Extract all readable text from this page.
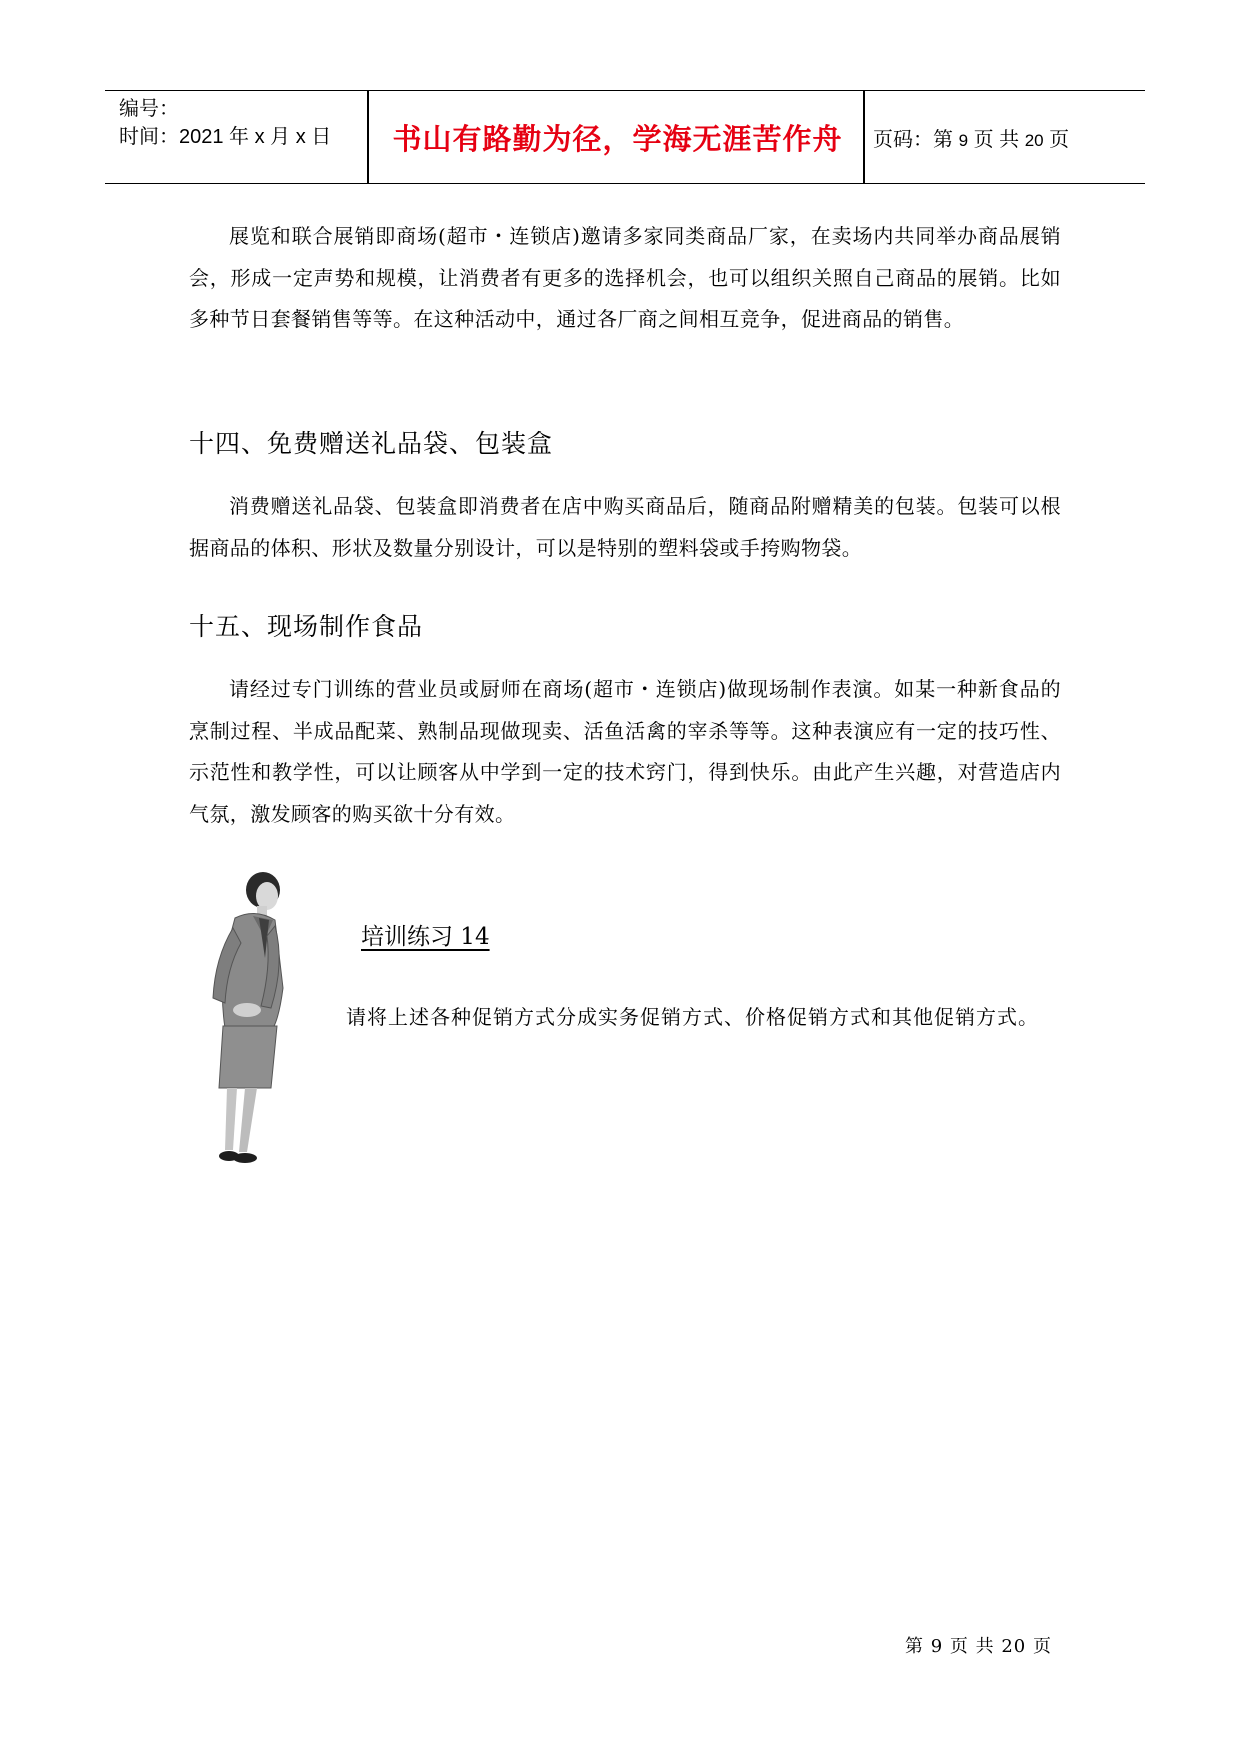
编号：
时间：2021 年 x 月 x 日	书山有路勤为径，学海无涯苦作舟	页码：第 9 页 共 20 页

展览和联合展销即商场(超市・连锁店)邀请多家同类商品厂家，在卖场内共同举办商品展销会，形成一定声势和规模，让消费者有更多的选择机会，也可以组织关照自己商品的展销。比如多种节日套餐销售等等。在这种活动中，通过各厂商之间相互竞争，促进商品的销售。

十四、免费赠送礼品袋、包装盒

消费赠送礼品袋、包装盒即消费者在店中购买商品后，随商品附赠精美的包装。包装可以根据商品的体积、形状及数量分别设计，可以是特别的塑料袋或手挎购物袋。

十五、现场制作食品

请经过专门训练的营业员或厨师在商场(超市・连锁店)做现场制作表演。如某一种新食品的烹制过程、半成品配菜、熟制品现做现卖、活鱼活禽的宰杀等等。这种表演应有一定的技巧性、示范性和教学性，可以让顾客从中学到一定的技术窍门，得到快乐。由此产生兴趣，对营造店内气氛，激发顾客的购买欲十分有效。

培训练习 14

请将上述各种促销方式分成实务促销方式、价格促销方式和其他促销方式。

第 9 页 共 20 页
